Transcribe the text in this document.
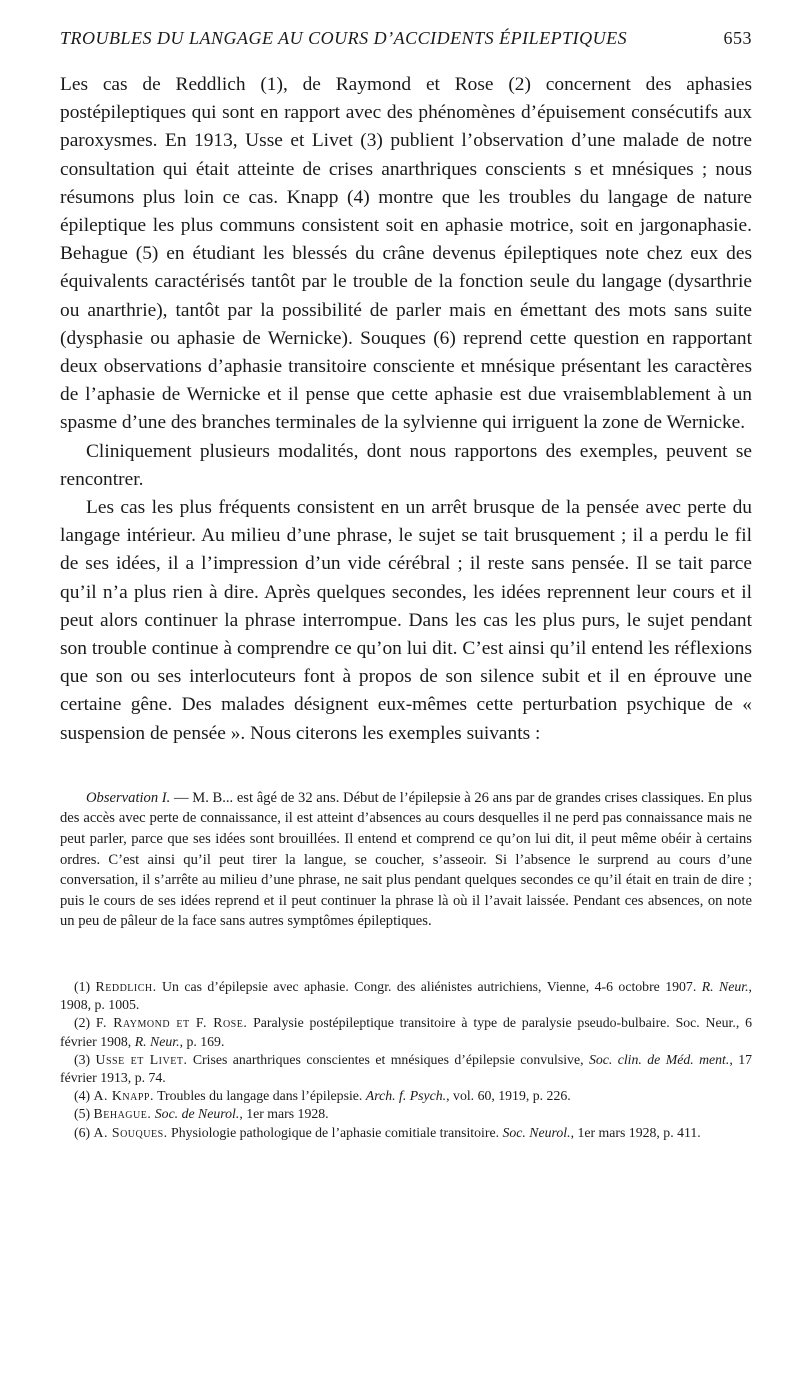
TROUBLES DU LANGAGE AU COURS D’ACCIDENTS ÉPILEPTIQUES	653

Les cas de Reddlich (1), de Raymond et Rose (2) concernent des aphasies postépileptiques qui sont en rapport avec des phénomènes d’épuisement consécutifs aux paroxysmes. En 1913, Usse et Livet (3) publient l’observation d’une malade de notre consultation qui était atteinte de crises anarthriques conscients s et mnésiques ; nous résumons plus loin ce cas. Knapp (4) montre que les troubles du langage de nature épileptique les plus communs consistent soit en aphasie motrice, soit en jargonaphasie. Behague (5) en étudiant les blessés du crâne devenus épileptiques note chez eux des équivalents caractérisés tantôt par le trouble de la fonction seule du langage (dysarthrie ou anarthrie), tantôt par la possibilité de parler mais en émettant des mots sans suite (dysphasie ou aphasie de Wernicke). Souques (6) reprend cette question en rapportant deux observations d’aphasie transitoire consciente et mnésique présentant les caractères de l’aphasie de Wernicke et il pense que cette aphasie est due vraisemblablement à un spasme d’une des branches terminales de la sylvienne qui irriguent la zone de Wernicke.

Cliniquement plusieurs modalités, dont nous rapportons des exemples, peuvent se rencontrer.

Les cas les plus fréquents consistent en un arrêt brusque de la pensée avec perte du langage intérieur. Au milieu d’une phrase, le sujet se tait brusquement ; il a perdu le fil de ses idées, il a l’impression d’un vide cérébral ; il reste sans pensée. Il se tait parce qu’il n’a plus rien à dire. Après quelques secondes, les idées reprennent leur cours et il peut alors continuer la phrase interrompue. Dans les cas les plus purs, le sujet pendant son trouble continue à comprendre ce qu’on lui dit. C’est ainsi qu’il entend les réflexions que son ou ses interlocuteurs font à propos de son silence subit et il en éprouve une certaine gêne. Des malades désignent eux-mêmes cette perturbation psychique de « suspension de pensée ». Nous citerons les exemples suivants :

Observation I. — M. B... est âgé de 32 ans. Début de l’épilepsie à 26 ans par de grandes crises classiques. En plus des accès avec perte de connaissance, il est atteint d’absences au cours desquelles il ne perd pas connaissance mais ne peut parler, parce que ses idées sont brouillées. Il entend et comprend ce qu’on lui dit, il peut même obéir à certains ordres. C’est ainsi qu’il peut tirer la langue, se coucher, s’asseoir. Si l’absence le surprend au cours d’une conversation, il s’arrête au milieu d’une phrase, ne sait plus pendant quelques secondes ce qu’il était en train de dire ; puis le cours de ses idées reprend et il peut continuer la phrase là où il l’avait laissée. Pendant ces absences, on note un peu de pâleur de la face sans autres symptômes épileptiques.

(1) Reddlich. Un cas d’épilepsie avec aphasie. Congr. des aliénistes autrichiens, Vienne, 4-6 octobre 1907. R. Neur., 1908, p. 1005.

(2) F. Raymond et F. Rose. Paralysie postépileptique transitoire à type de paralysie pseudo-bulbaire. Soc. Neur., 6 février 1908, R. Neur., p. 169.

(3) Usse et Livet. Crises anarthriques conscientes et mnésiques d’épilepsie convulsive, Soc. clin. de Méd. ment., 17 février 1913, p. 74.

(4) A. Knapp. Troubles du langage dans l’épilepsie. Arch. f. Psych., vol. 60, 1919, p. 226.

(5) Behague. Soc. de Neurol., 1er mars 1928.

(6) A. Souques. Physiologie pathologique de l’aphasie comitiale transitoire. Soc. Neurol., 1er mars 1928, p. 411.
